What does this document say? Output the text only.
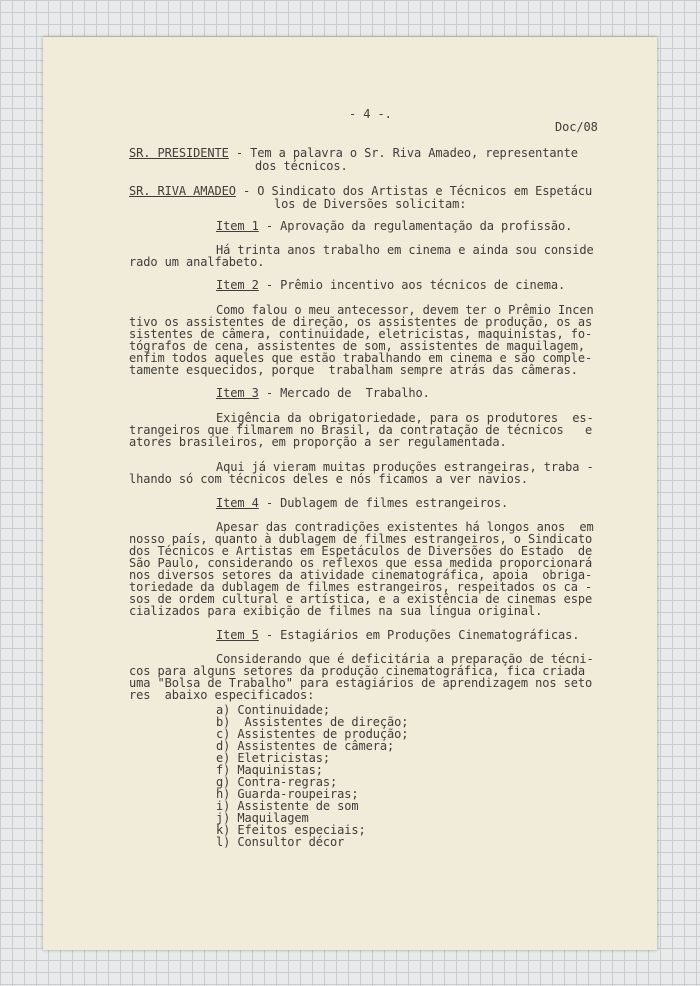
- 4 -.
Doc/08
SR. PRESIDENTE - Tem a palavra o Sr. Riva Amadeo, representante
dos técnicos.
SR. RIVA AMADEO - O Sindicato dos Artistas e Técnicos em Espetácu
los de Diversões solicitam:
Item 1 - Aprovação da regulamentação da profissão.
Há trinta anos trabalho em cinema e ainda sou conside
rado um analfabeto.
Item 2 - Prêmio incentivo aos técnicos de cinema.
Como falou o meu antecessor, devem ter o Prêmio Incen
tivo os assistentes de direção, os assistentes de produção, os as
sistentes de câmera, continuidade, eletricistas, maquinistas, fo-
tógrafos de cena, assistentes de som, assistentes de maquilagem,
enfim todos aqueles que estão trabalhando em cinema e são comple-
tamente esquecidos, porque  trabalham sempre atrás das câmeras.
Item 3 - Mercado de  Trabalho.
Exigência da obrigatoriedade, para os produtores  es-
trangeiros que filmarem no Brasil, da contratação de técnicos   e
atores brasileiros, em proporção a ser regulamentada.
Aqui já vieram muitas produções estrangeiras, traba -
lhando só com técnicos deles e nós ficamos a ver navios.
Item 4 - Dublagem de filmes estrangeiros.
Apesar das contradições existentes há longos anos  em
nosso país, quanto à dublagem de filmes estrangeiros, o Sindicato
dos Técnicos e Artistas em Espetáculos de Diversões do Estado  de
São Paulo, considerando os reflexos que essa medida proporcionará
nos diversos setores da atividade cinematográfica, apoia  obriga-
toriedade da dublagem de filmes estrangeiros, respeitados os ca -
sos de ordem cultural e artística, e a existência de cinemas espe
cializados para exibição de filmes na sua língua original.
Item 5 - Estagiários em Produções Cinematográficas.
Considerando que é deficitária a preparação de técni-
cos para alguns setores da produção cinematográfica, fica criada
uma "Bolsa de Trabalho" para estagiários de aprendizagem nos seto
res  abaixo especificados:
a) Continuidade;
b)  Assistentes de direção;
c) Assistentes de produção;
d) Assistentes de câmera;
e) Eletricistas;
f) Maquinistas;
g) Contra-regras;
h) Guarda-roupeiras;
i) Assistente de som
j) Maquilagem
k) Efeitos especiais;
l) Consultor décor
